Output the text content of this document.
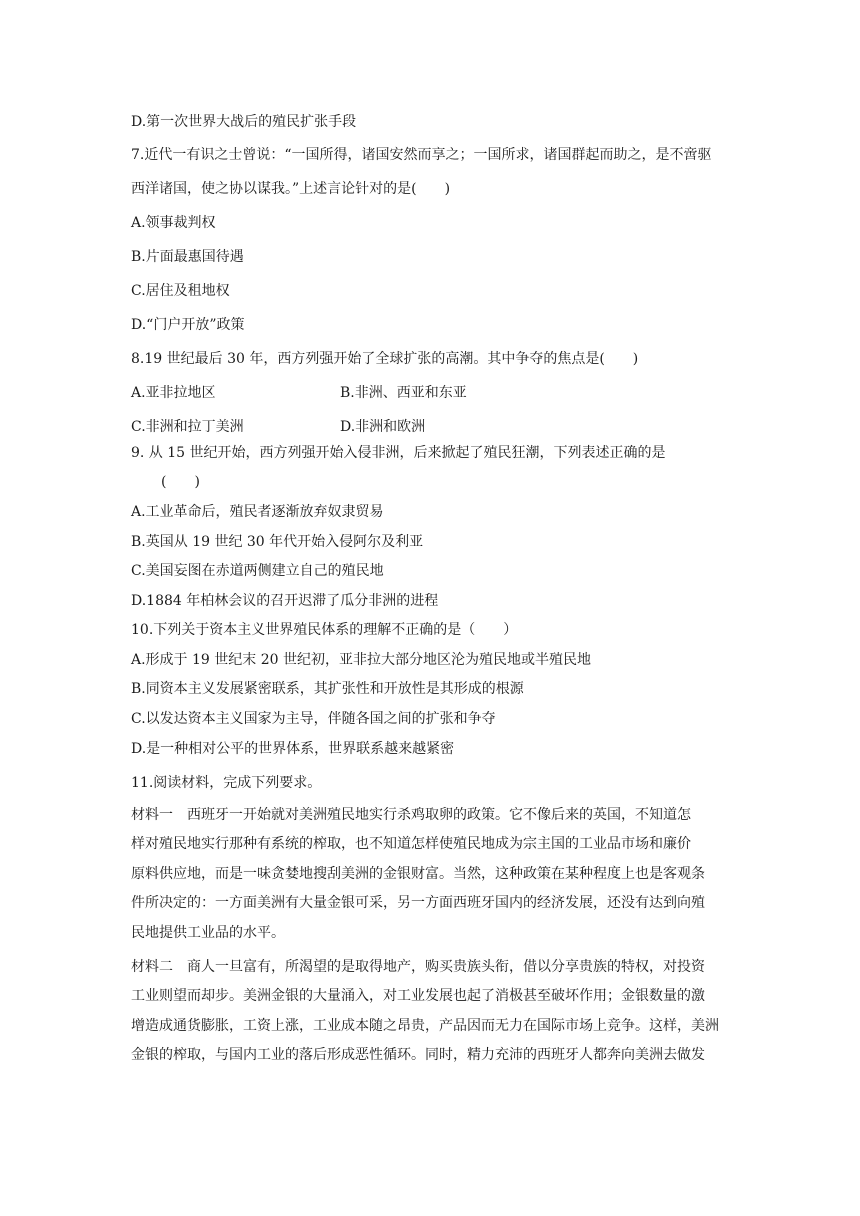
D.第一次世界大战后的殖民扩张手段
7.近代一有识之士曾说：“一国所得，诸国安然而享之；一国所求，诸国群起而助之，是不啻驱
西洋诸国，使之协以谋我。”上述言论针对的是(　　)
A.领事裁判权
B.片面最惠国待遇
C.居住及租地权
D.“门户开放”政策
8.19 世纪最后 30 年，西方列强开始了全球扩张的高潮。其中争夺的焦点是(　　)
A.亚非拉地区	B.非洲、西亚和东亚
C.非洲和拉丁美洲	D.非洲和欧洲
9. 从 15 世纪开始，西方列强开始入侵非洲，后来掀起了殖民狂潮，下列表述正确的是
(　　)
A.工业革命后，殖民者逐渐放弃奴隶贸易
B.英国从 19 世纪 30 年代开始入侵阿尔及利亚
C.美国妄图在赤道两侧建立自己的殖民地
D.1884 年柏林会议的召开迟滞了瓜分非洲的进程
10.下列关于资本主义世界殖民体系的理解不正确的是（　　）
A.形成于 19 世纪末 20 世纪初，亚非拉大部分地区沦为殖民地或半殖民地
B.同资本主义发展紧密联系，其扩张性和开放性是其形成的根源
C.以发达资本主义国家为主导，伴随各国之间的扩张和争夺
D.是一种相对公平的世界体系，世界联系越来越紧密
11.阅读材料，完成下列要求。
材料一　西班牙一开始就对美洲殖民地实行杀鸡取卵的政策。它不像后来的英国，不知道怎
样对殖民地实行那种有系统的榨取，也不知道怎样使殖民地成为宗主国的工业品市场和廉价
原料供应地，而是一味贪婪地搜刮美洲的金银财富。当然，这种政策在某种程度上也是客观条
件所决定的：一方面美洲有大量金银可采，另一方面西班牙国内的经济发展，还没有达到向殖
民地提供工业品的水平。
材料二　商人一旦富有，所渴望的是取得地产，购买贵族头衔，借以分享贵族的特权，对投资
工业则望而却步。美洲金银的大量涌入，对工业发展也起了消极甚至破坏作用；金银数量的激
增造成通货膨胀，工资上涨，工业成本随之昂贵，产品因而无力在国际市场上竞争。这样，美洲
金银的榨取，与国内工业的落后形成恶性循环。同时，精力充沛的西班牙人都奔向美洲去做发
